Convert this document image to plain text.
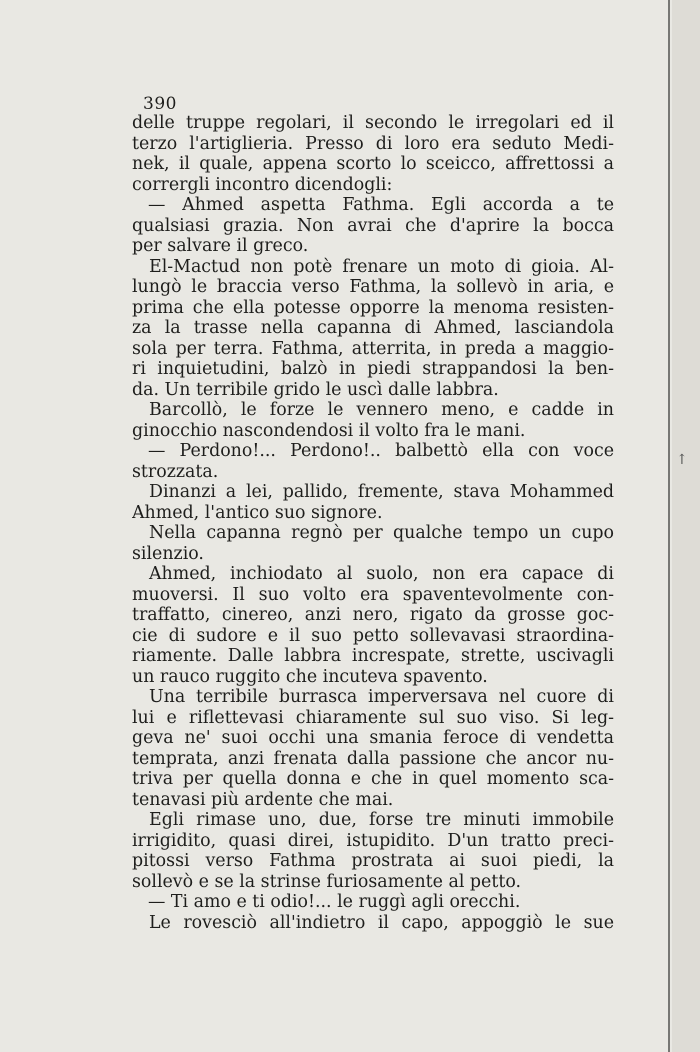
↑
390
delle truppe regolari, il secondo le irregolari ed il
terzo l'artiglieria. Presso di loro era seduto Medi-
nek, il quale, appena scorto lo sceicco, affrettossi a
corrergli incontro dicendogli:
— Ahmed aspetta Fathma. Egli accorda a te
qualsiasi grazia. Non avrai che d'aprire la bocca
per salvare il greco.
El-Mactud non potè frenare un moto di gioia. Al-
lungò le braccia verso Fathma, la sollevò in aria, e
prima che ella potesse opporre la menoma resisten-
za la trasse nella capanna di Ahmed, lasciandola
sola per terra. Fathma, atterrita, in preda a maggio-
ri inquietudini, balzò in piedi strappandosi la ben-
da. Un terribile grido le uscì dalle labbra.
Barcollò, le forze le vennero meno, e cadde in
ginocchio nascondendosi il volto fra le mani.
— Perdono!... Perdono!.. balbettò ella con voce
strozzata.
Dinanzi a lei, pallido, fremente, stava Mohammed
Ahmed, l'antico suo signore.
Nella capanna regnò per qualche tempo un cupo
silenzio.
Ahmed, inchiodato al suolo, non era capace di
muoversi. Il suo volto era spaventevolmente con-
traffatto, cinereo, anzi nero, rigato da grosse goc-
cie di sudore e il suo petto sollevavasi straordina-
riamente. Dalle labbra increspate, strette, uscivagli
un rauco ruggito che incuteva spavento.
Una terribile burrasca imperversava nel cuore di
lui e riflettevasi chiaramente sul suo viso. Si leg-
geva ne' suoi occhi una smania feroce di vendetta
temprata, anzi frenata dalla passione che ancor nu-
triva per quella donna e che in quel momento sca-
tenavasi più ardente che mai.
Egli rimase uno, due, forse tre minuti immobile
irrigidito, quasi direi, istupidito. D'un tratto preci-
pitossi verso Fathma prostrata ai suoi piedi, la
sollevò e se la strinse furiosamente al petto.
— Ti amo e ti odio!... le ruggì agli orecchi.
Le rovesciò all'indietro il capo, appoggiò le sue
